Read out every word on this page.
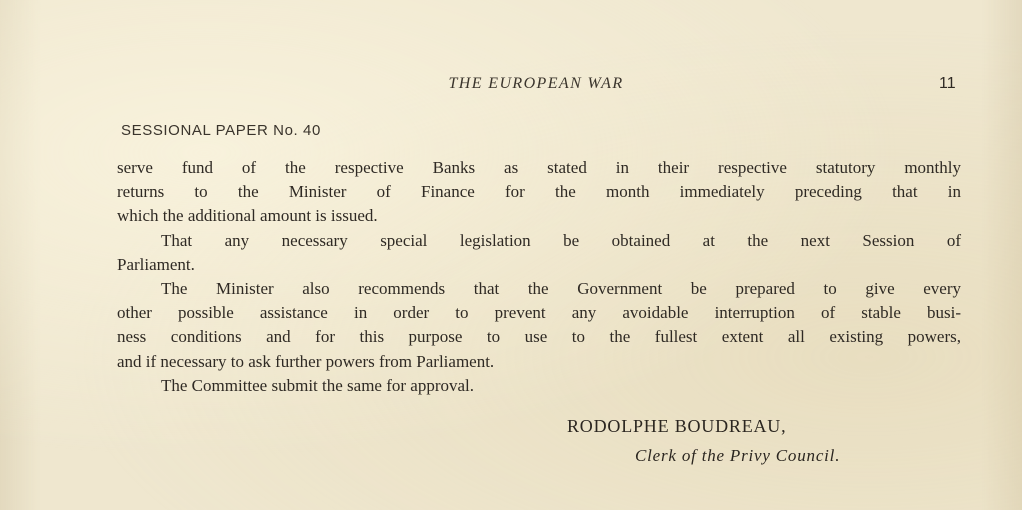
THE EUROPEAN WAR	11
SESSIONAL PAPER No. 40
serve fund of the respective Banks as stated in their respective statutory monthly
returns to the Minister of Finance for the month immediately preceding that in
which the additional amount is issued.
That any necessary special legislation be obtained at the next Session of
Parliament.
The Minister also recommends that the Government be prepared to give every
other possible assistance in order to prevent any avoidable interruption of stable busi-
ness conditions and for this purpose to use to the fullest extent all existing powers,
and if necessary to ask further powers from Parliament.
The Committee submit the same for approval.
RODOLPHE BOUDREAU,
Clerk of the Privy Council.
